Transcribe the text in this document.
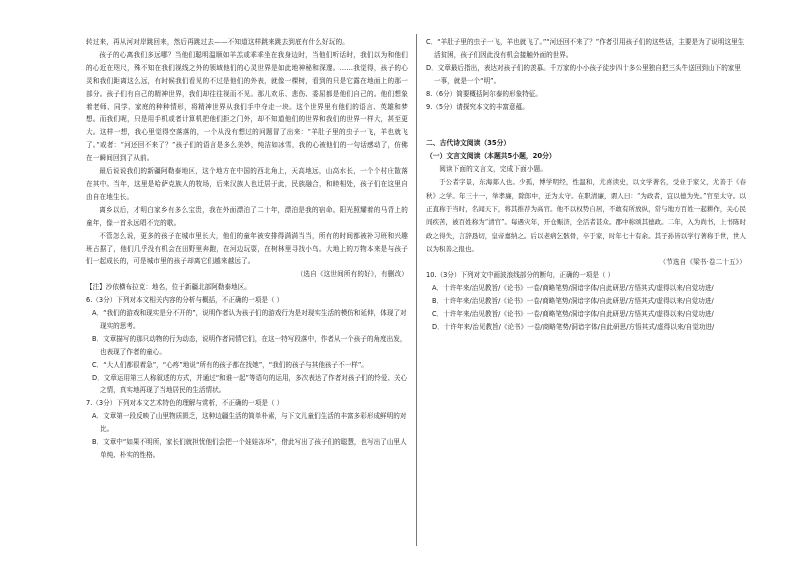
转过来，再从河对岸跳回来，然后再跳过去——不知道这样跳来跳去到底有什么好玩的。

孩子的心离我们多远哪？当他们聪明温顺如羊羔或乖乖坐在我身边时，当他们听话时，我们以为和他们的心近在咫尺，殊不知在我们视线之外的领域他们的心灵世界是如此地神秘和深邃。……我觉得，孩子的心灵和我们距离这么远，有时候我们看见的不过是他们的外表，就像一棵树，看到的只是它露在地面上的那一部分。孩子们有自己的精神世界，我们却往往视而不见。那儿欢乐、悲伤、委屈都是他们自己的。他们想象着老师、同学、家庭的种种情形，将精神世界从我们手中夺走一块。这个世界里有他们的语言、英雄和梦想。而我们呢，只是用手机或者计算机把他们拒之门外，却不知道他们的世界和我们的世界一样大，甚至更大。这样一想，我心里觉得空落落的，一个从没有想过的问题冒了出来：“羊肚子里的虫子一飞，羊也就飞了。”或者：“河还回不来了？”孩子们的语言是多么美妙，纯洁如冰雪，我的心被他们的一句话感动了，仿佛在一瞬间回到了从前。

最后说说我们的新疆阿勒泰地区，这个地方在中国的西北角上，天高地远，山高水长，一个个村庄散落在其中。当年，这里是哈萨克族人的牧场，后来汉族人也迁居于此，民族融合，和睦相处，孩子们在这里自由自在地生长。

离乡以后，才明白家乡有多么宝贵，我在外面漂泊了二十年，漂泊是我的宿命。阳光照耀着的马背上的童年，像一首永远唱不完的歌。

不管怎么说，更多的孩子在城市里长大，他们的童年被安排得满满当当，所有的时间都被补习班和兴趣班占据了，他们几乎没有机会在田野里奔跑，在河边玩耍，在树林里寻找小鸟。大地上的万物本来是与孩子们一起成长的，可是城市里的孩子却离它们越来越远了。

（选自《这世间所有的好》，有删改）

【注】沙依横布拉克：地名，位于新疆北部阿勒泰地区。

6.（3分）下列对本文相关内容的分析与概括，不正确的一项是（ ）

A．“我们的游戏和现实是分不开的”，说明作者认为孩子们的游戏行为是对现实生活的模仿和延伸，体现了对现实的思考。

B．文章描写的那只动物的行为动态，说明作者同情它们，在这一特写段落中，作者从一个孩子的角度出发，也表现了作者的童心。

C．“大人们都很着急”，“心疼”地说“所有的孩子都在找她”，“我们的孩子与其他孩子不一样”。

D．文章运用第三人称叙述的方式，并通过“和谁一起”等语句的运用，多次表达了作者对孩子们的怜爱、关心之情，真实地再现了当地居民的生活情状。

7.（3分）下列对本文艺术特色的理解与赏析，不正确的一项是（ ）

A．文章第一段反映了山里物质匮乏，这种边疆生活的简单朴素，与下文儿童们生活的丰富多彩形成鲜明的对比。

B．文章中“如果不明所，家长们就担忧他们会把一个娃娃冻坏”，借此写出了孩子们的聪慧，也写出了山里人单纯、朴实的性格。

C．“羊肚子里的虫子一飞，羊也就飞了。”“河还回不来了？”作者引用孩子们的这些话，主要是为了说明这里生活贫困，孩子们因此没有机会接触外面的世界。

D．文章最后指出，表达对孩子们的羡慕。千万家的小小孩子徒步四十多公里独自把三头牛送回到山下的家里一事，就是一个“明”。

8.（6分）简要概括阿尔泰的形象特征。

9.（5分）请探究本文的丰富意蕴。

二、古代诗文阅读（35分）

（一）文言文阅读（本题共5小题，20分）

阅读下面的文言文，完成下面小题。

于公者字景，东海郯人也。少孤，博学明经，性温和，尤喜读史，以文学著名，受业于家父，尤善于《春秋》之学。年三十一，举孝廉，除郎中，迁为太守。在职清廉，谓人曰：“为政者，宜以德为先。”官至太守。以正直称于当时，名闻天下，将其推荐为高官。他不以权势自居，不敢有所放纵，常与地方百姓一起耕作，关心民间疾苦，被百姓称为“清官”。每遇灾年，开仓赈济，全活者甚众。郡中称颂其德政。二年，入为尚书，上书陈时政之得失，言辞恳切，皇帝嘉纳之。后以老病乞骸骨，卒于家，时年七十有余。其子孙皆以学行著称于世，世人以为积善之报也。

（节选自《梁书·卷二十五》）

10.（3分）下列对文中画波浪线部分的断句，正确的一项是（ ）

A．十许年来/治见教旨/《论书》一卷/商略笔势/洞谙字体/自此研思/方悟其式/虚得以来/自觉功进/

B．十许年来/治见教旨/《论书》一卷/商略笔势/洞谙字体/自此研思/方悟其式/虚得以来/自觉功进/

C．十许年来/治见教旨/《论书》一卷/商略笔势/洞谙字体/自此研思/方悟其式/虚得以来/自觉功进/

D．十许年来/治见教旨/《论书》一卷/商略笔势/洞谙字体/自此研思/方悟其式/虚得以来/自觉功进/
